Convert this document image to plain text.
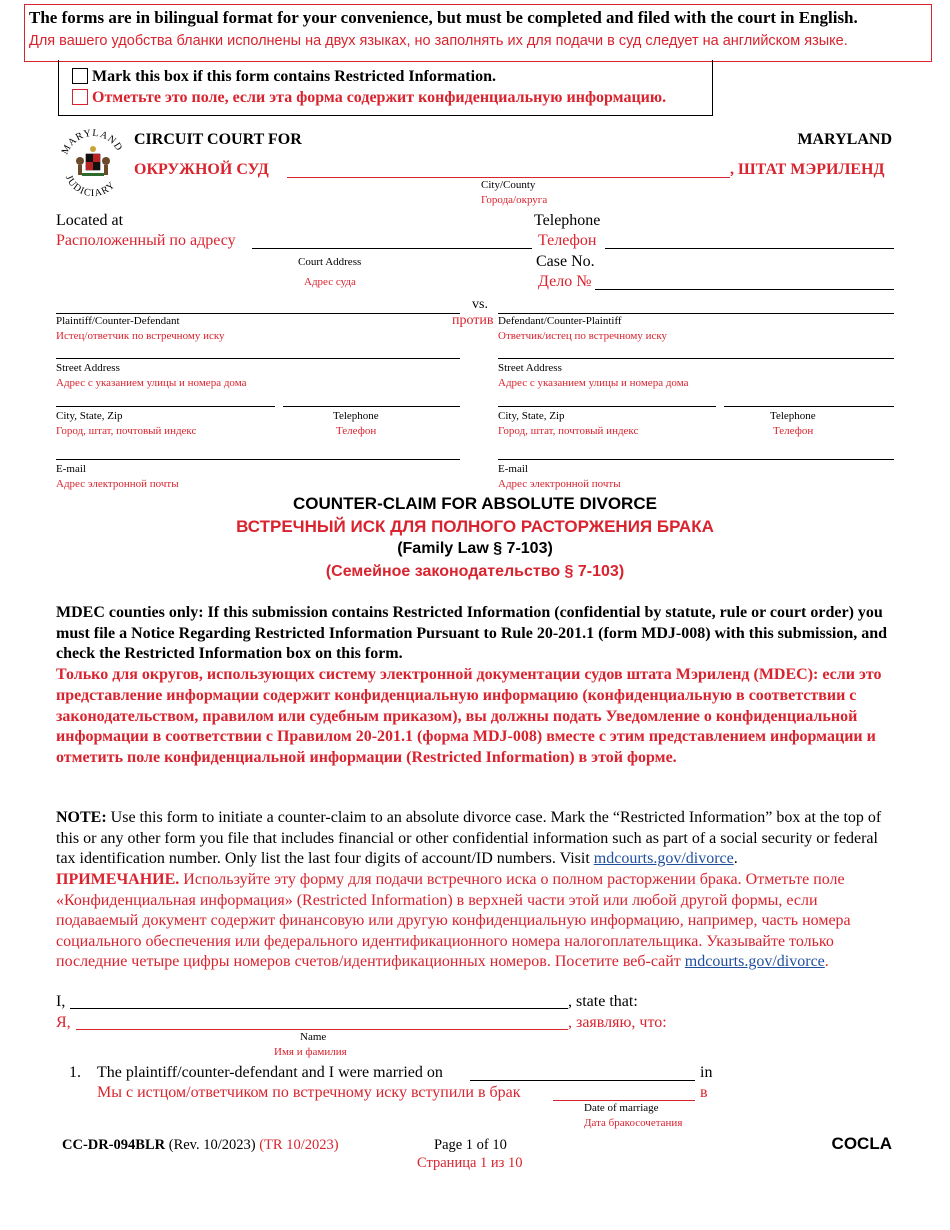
The forms are in bilingual format for your convenience, but must be completed and filed with the court in English.
Для вашего удобства бланки исполнены на двух языках, но заполнять их для подачи в суд следует на английском языке.
Mark this box if this form contains Restricted Information.
Отметьте это поле, если эта форма содержит конфиденциальную информацию.
MARYLAND
JUDICIARY
CIRCUIT COURT FOR	MARYLAND
ОКРУЖНОЙ СУД	, ШТАТ МЭРИЛЕНД
City/County
Города/округа
Located at
Расположенный по адресу
Court Address
Адрес суда
Telephone
Телефон
Case No.
Дело №
vs.
против
Plaintiff/Counter-Defendant
Истец/ответчик по встречному иску
Defendant/Counter-Plaintiff
Ответчик/истец по встречному иску
Street Address
Адрес с указанием улицы и номера дома
Street Address
Адрес с указанием улицы и номера дома
City, State, Zip
Город, штат, почтовый индекс
Telephone
Телефон
City, State, Zip
Город, штат, почтовый индекс
Telephone
Телефон
E-mail
Адрес электронной почты
E-mail
Адрес электронной почты
COUNTER-CLAIM FOR ABSOLUTE DIVORCE
ВСТРЕЧНЫЙ ИСК ДЛЯ ПОЛНОГО РАСТОРЖЕНИЯ БРАКА
(Family Law § 7-103)
(Семейное законодательство § 7-103)
MDEC counties only: If this submission contains Restricted Information (confidential by statute, rule or court order) you must file a Notice Regarding Restricted Information Pursuant to Rule 20-201.1 (form MDJ-008) with this submission, and check the Restricted Information box on this form.
Только для округов, использующих систему электронной документации судов штата Мэриленд (MDEC): если это представление информации содержит конфиденциальную информацию (конфиденциальную в соответствии с законодательством, правилом или судебным приказом), вы должны подать Уведомление о конфиденциальной информации в соответствии с Правилом 20-201.1 (форма MDJ-008) вместе с этим представлением информации и отметить поле конфиденциальной информации (Restricted Information) в этой форме.
NOTE: Use this form to initiate a counter-claim to an absolute divorce case. Mark the “Restricted Information” box at the top of this or any other form you file that includes financial or other confidential information such as part of a social security or federal tax identification number. Only list the last four digits of account/ID numbers. Visit mdcourts.gov/divorce.
ПРИМЕЧАНИЕ. Используйте эту форму для подачи встречного иска о полном расторжении брака. Отметьте поле «Конфиденциальная информация» (Restricted Information) в верхней части этой или любой другой формы, если подаваемый документ содержит финансовую или другую конфиденциальную информацию, например, часть номера социального обеспечения или федерального идентификационного номера налогоплательщика. Указывайте только последние четыре цифры номеров счетов/идентификационных номеров. Посетите веб-сайт mdcourts.gov/divorce.
I,	, state that:
Я,	, заявляю, что:
Name
Имя и фамилия
1. The plaintiff/counter-defendant and I were married on	in
Мы с истцом/ответчиком по встречному иску вступили в брак	в
Date of marriage
Дата бракосочетания
CC-DR-094BLR (Rev. 10/2023) (TR 10/2023)	Page 1 of 10
Страница 1 из 10
COCLA
